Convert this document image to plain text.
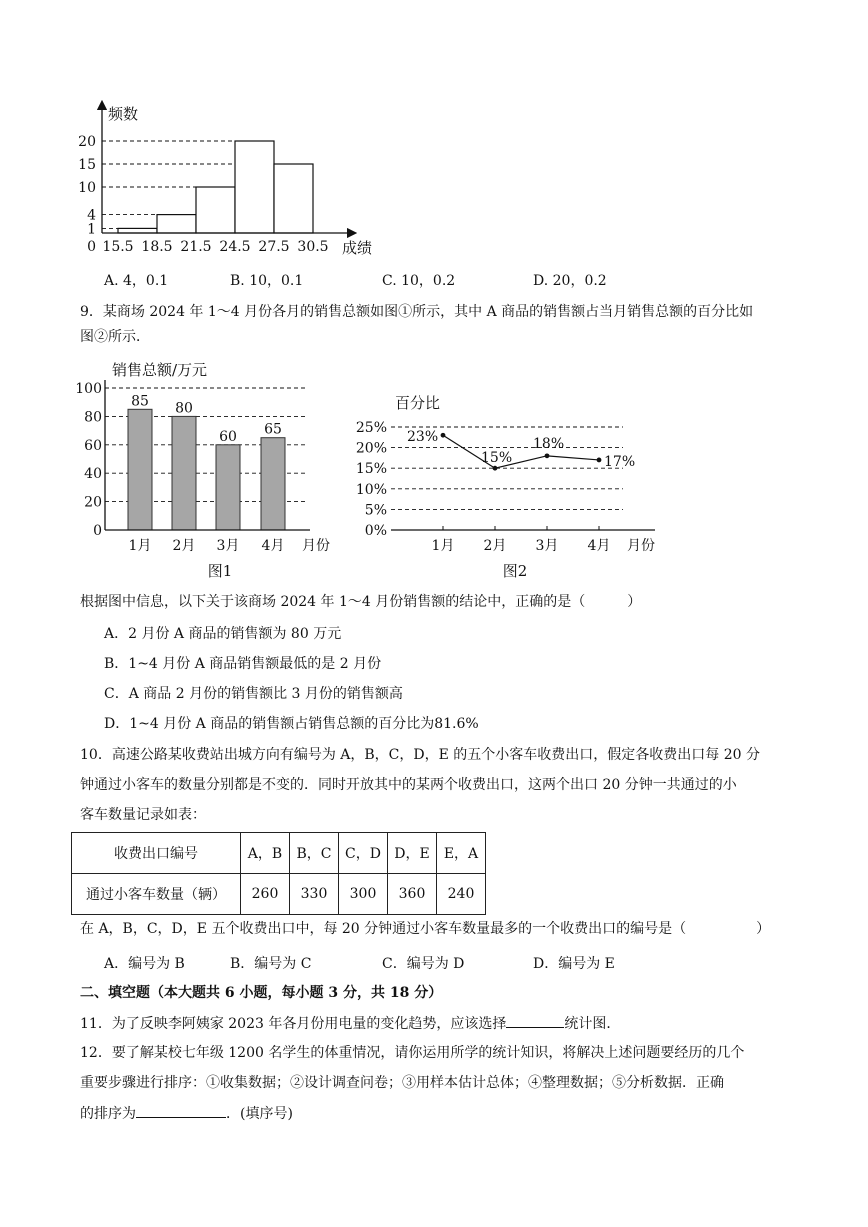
频数
成绩
20
15
10
4
1
0 15.5 18.5 21.5 24.5 27.5 30.5
A. 4，0.1	B. 10，0.1	C. 10，0.2	D. 20，0.2
9．某商场 2024 年 1～4 月份各月的销售总额如图①所示，其中 A 商品的销售额占当月销售总额的百分比如
图②所示．
销售总额/万元
100
80
60
40
20
0
85 80
60 65
1月 2月 3月 4月 月份
图1
百分比
25%
20%
15%
10%
5%
0%
1月 2月 3月 4月
23%
15%
18%
17%
月份
图2
根据图中信息，以下关于该商场 2024 年 1～4 月份销售额的结论中，正确的是（　　　）
A．2 月份 A 商品的销售额为 80 万元
B．1~4 月份 A 商品销售额最低的是 2 月份
C．A 商品 2 月份的销售额比 3 月份的销售额高
D．1~4 月份 A 商品的销售额占销售总额的百分比为81.6%
10．高速公路某收费站出城方向有编号为 A，B，C，D，E 的五个小客车收费出口，假定各收费出口每 20 分
钟通过小客车的数量分别都是不变的．同时开放其中的某两个收费出口，这两个出口 20 分钟一共通过的小
客车数量记录如表：
收费出口编号	A，B	B，C	C，D	D，E	E，A
通过小客车数量（辆）	260	330	300	360	240
在 A，B，C，D，E 五个收费出口中，每 20 分钟通过小客车数量最多的一个收费出口的编号是（　　　　　）
A．编号为 B	B．编号为 C	C．编号为 D	D．编号为 E
二、填空题（本大题共 6 小题，每小题 3 分，共 18 分）
11．为了反映李阿姨家 2023 年各月份用电量的变化趋势，应该选择	统计图．
12．要了解某校七年级 1200 名学生的体重情况，请你运用所学的统计知识，将解决上述问题要经历的几个
重要步骤进行排序：①收集数据；②设计调查问卷；③用样本估计总体；④整理数据；⑤分析数据．正确
的排序为	．(填序号)
